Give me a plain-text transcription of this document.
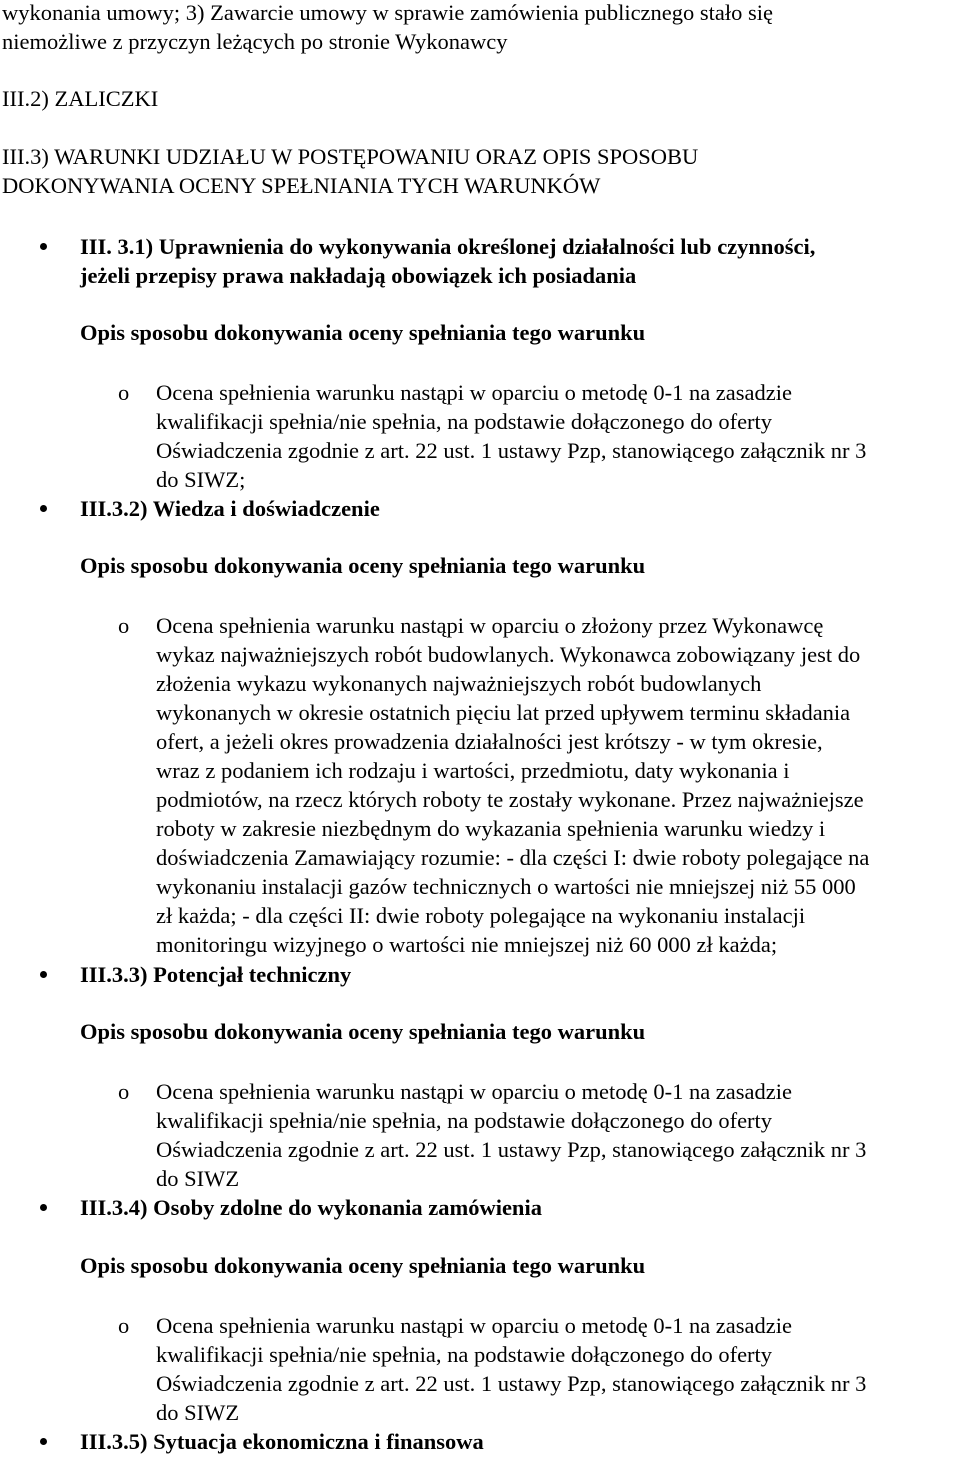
wykonania umowy; 3) Zawarcie umowy w sprawie zamówienia publicznego stało się
niemożliwe z przyczyn leżących po stronie Wykonawcy
III.2) ZALICZKI
III.3) WARUNKI UDZIAŁU W POSTĘPOWANIU ORAZ OPIS SPOSOBU
DOKONYWANIA OCENY SPEŁNIANIA TYCH WARUNKÓW
III. 3.1) Uprawnienia do wykonywania określonej działalności lub czynności,
jeżeli przepisy prawa nakładają obowiązek ich posiadania
Opis sposobu dokonywania oceny spełniania tego warunku
o Ocena spełnienia warunku nastąpi w oparciu o metodę 0-1 na zasadzie
kwalifikacji spełnia/nie spełnia, na podstawie dołączonego do oferty
Oświadczenia zgodnie z art. 22 ust. 1 ustawy Pzp, stanowiącego załącznik nr 3
do SIWZ;
III.3.2) Wiedza i doświadczenie
Opis sposobu dokonywania oceny spełniania tego warunku
o Ocena spełnienia warunku nastąpi w oparciu o złożony przez Wykonawcę
wykaz najważniejszych robót budowlanych. Wykonawca zobowiązany jest do
złożenia wykazu wykonanych najważniejszych robót budowlanych
wykonanych w okresie ostatnich pięciu lat przed upływem terminu składania
ofert, a jeżeli okres prowadzenia działalności jest krótszy - w tym okresie,
wraz z podaniem ich rodzaju i wartości, przedmiotu, daty wykonania i
podmiotów, na rzecz których roboty te zostały wykonane. Przez najważniejsze
roboty w zakresie niezbędnym do wykazania spełnienia warunku wiedzy i
doświadczenia Zamawiający rozumie: - dla części I: dwie roboty polegające na
wykonaniu instalacji gazów technicznych o wartości nie mniejszej niż 55 000
zł każda; - dla części II: dwie roboty polegające na wykonaniu instalacji
monitoringu wizyjnego o wartości nie mniejszej niż 60 000 zł każda;
III.3.3) Potencjał techniczny
Opis sposobu dokonywania oceny spełniania tego warunku
o Ocena spełnienia warunku nastąpi w oparciu o metodę 0-1 na zasadzie
kwalifikacji spełnia/nie spełnia, na podstawie dołączonego do oferty
Oświadczenia zgodnie z art. 22 ust. 1 ustawy Pzp, stanowiącego załącznik nr 3
do SIWZ
III.3.4) Osoby zdolne do wykonania zamówienia
Opis sposobu dokonywania oceny spełniania tego warunku
o Ocena spełnienia warunku nastąpi w oparciu o metodę 0-1 na zasadzie
kwalifikacji spełnia/nie spełnia, na podstawie dołączonego do oferty
Oświadczenia zgodnie z art. 22 ust. 1 ustawy Pzp, stanowiącego załącznik nr 3
do SIWZ
III.3.5) Sytuacja ekonomiczna i finansowa
